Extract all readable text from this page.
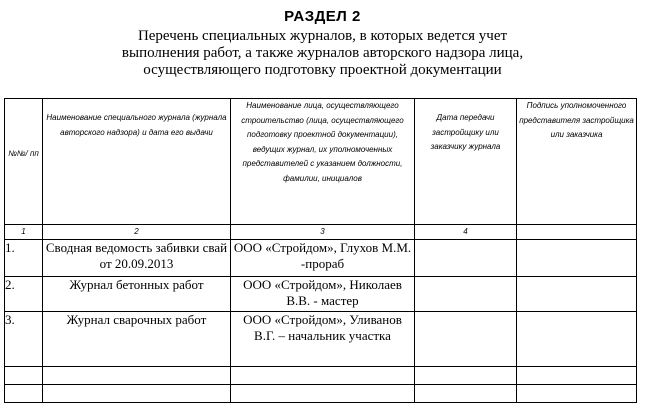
РАЗДЕЛ 2
Перечень специальных журналов, в которых ведется учет
выполнения работ, а также журналов авторского надзора лица,
осуществляющего подготовку проектной документации
№№/ пп	Наименование специального журнала (журнала авторского надзора) и дата его выдачи	Наименование лица, осуществляющего строительство (лица, осуществляющего подготовку проектной документации), ведущих журнал, их уполномоченных представителей с указанием должности, фамилии, инициалов	Дата передачи застройщику или заказчику журнала	Подпись уполномоченного представителя застройщика или заказчика
1	2	3	4	
1.	Сводная ведомость забивки свай от 20.09.2013	ООО «Стройдом», Глухов М.М. -прораб		
2.	Журнал бетонных работ	ООО «Стройдом», Николаев В.В. - мастер		
3.	Журнал сварочных работ	ООО «Стройдом», Уливанов В.Г. – начальник участка		
